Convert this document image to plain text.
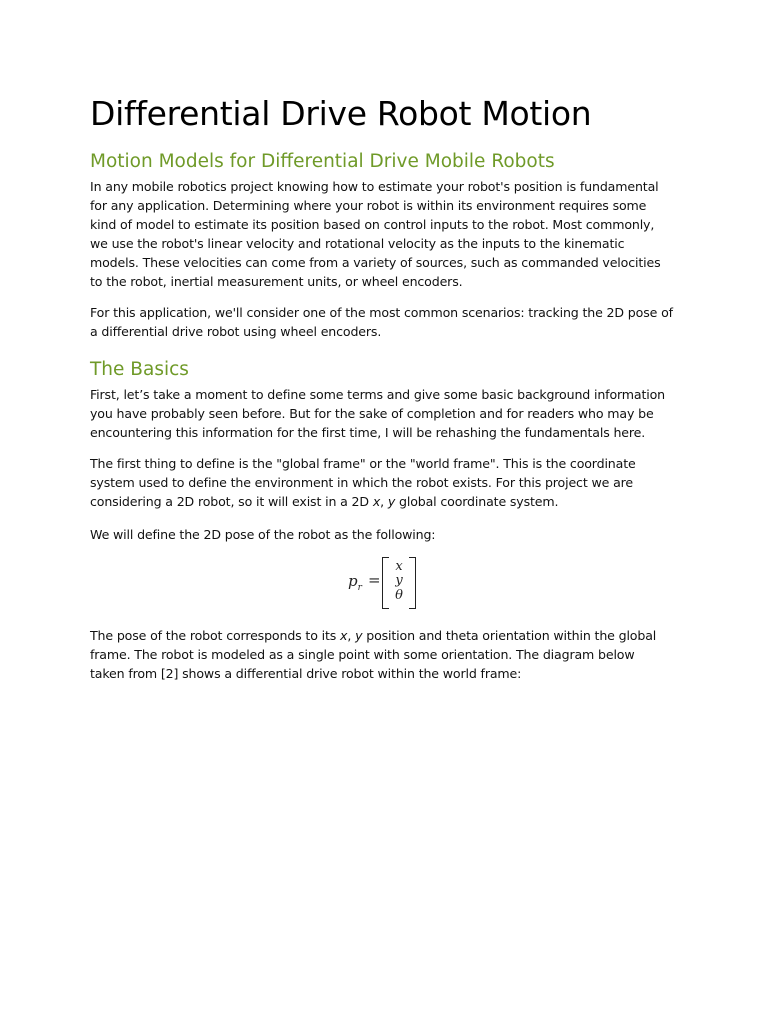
Differential Drive Robot Motion
Motion Models for Differential Drive Mobile Robots

In any mobile robotics project knowing how to estimate your robot's position is fundamental
for any application. Determining where your robot is within its environment requires some
kind of model to estimate its position based on control inputs to the robot. Most commonly,
we use the robot's linear velocity and rotational velocity as the inputs to the kinematic
models. These velocities can come from a variety of sources, such as commanded velocities
to the robot, inertial measurement units, or wheel encoders.

For this application, we'll consider one of the most common scenarios: tracking the 2D pose of
a differential drive robot using wheel encoders.

The Basics

First, let’s take a moment to define some terms and give some basic background information
you have probably seen before. But for the sake of completion and for readers who may be
encountering this information for the first time, I will be rehashing the fundamentals here.

The first thing to define is the "global frame" or the "world frame". This is the coordinate
system used to define the environment in which the robot exists. For this project we are
considering a 2D robot, so it will exist in a 2D x, y global coordinate system.

We will define the 2D pose of the robot as the following:

$p_r$ =
x
y
θ

The pose of the robot corresponds to its x, y position and theta orientation within the global
frame. The robot is modeled as a single point with some orientation. The diagram below
taken from [2] shows a differential drive robot within the world frame:
